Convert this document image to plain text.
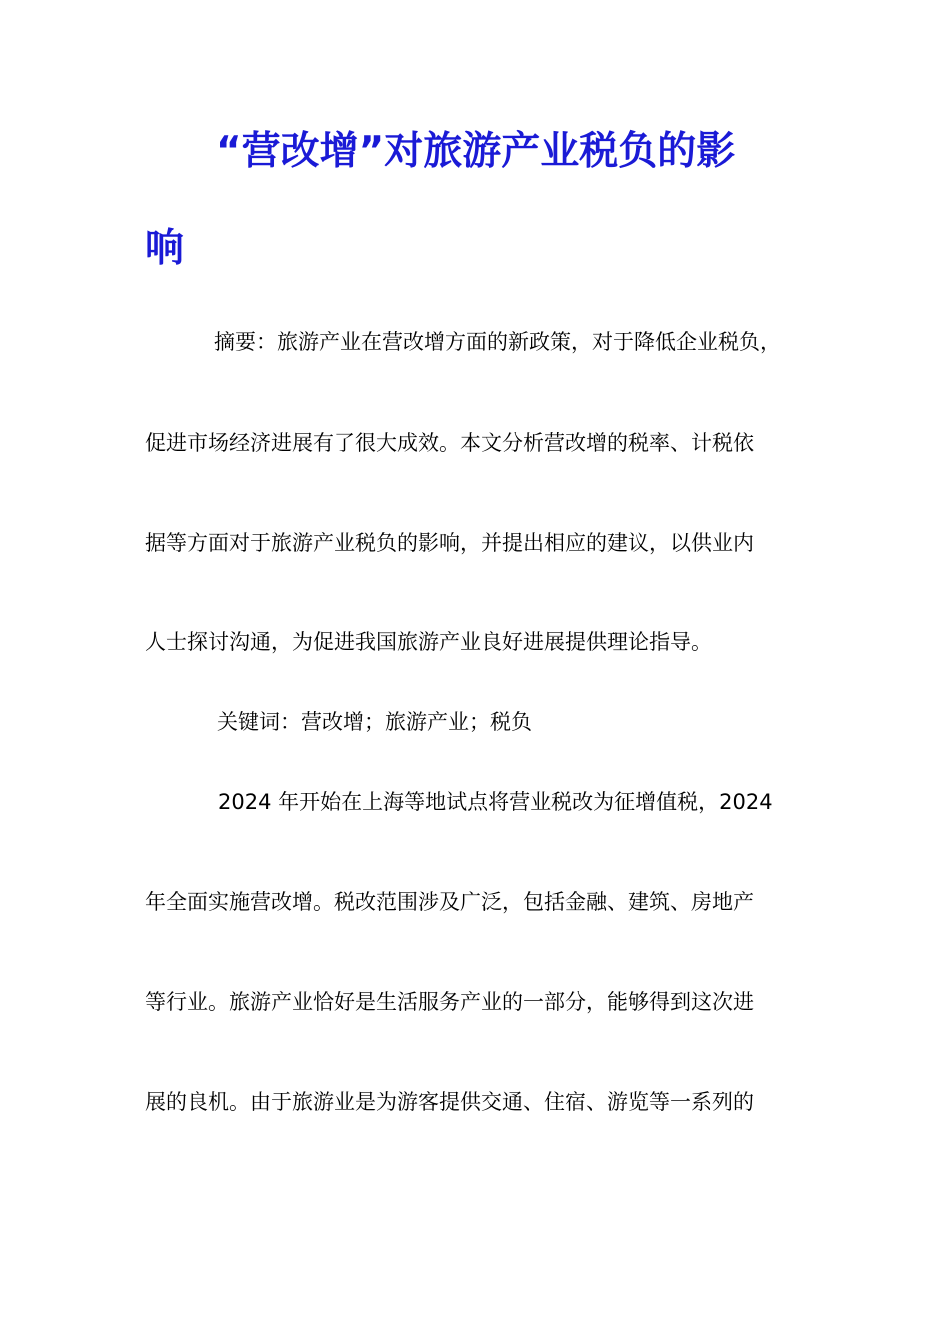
“营改增”对旅游产业税负的影
响
摘要：旅游产业在营改增方面的新政策，对于降低企业税负，
促进市场经济进展有了很大成效。本文分析营改增的税率、计税依
据等方面对于旅游产业税负的影响，并提出相应的建议，以供业内
人士探讨沟通，为促进我国旅游产业良好进展提供理论指导。
关键词：营改增；旅游产业；税负
2024 年开始在上海等地试点将营业税改为征增值税，2024
年全面实施营改增。税改范围涉及广泛，包括金融、建筑、房地产
等行业。旅游产业恰好是生活服务产业的一部分，能够得到这次进
展的良机。由于旅游业是为游客提供交通、住宿、游览等一系列的
